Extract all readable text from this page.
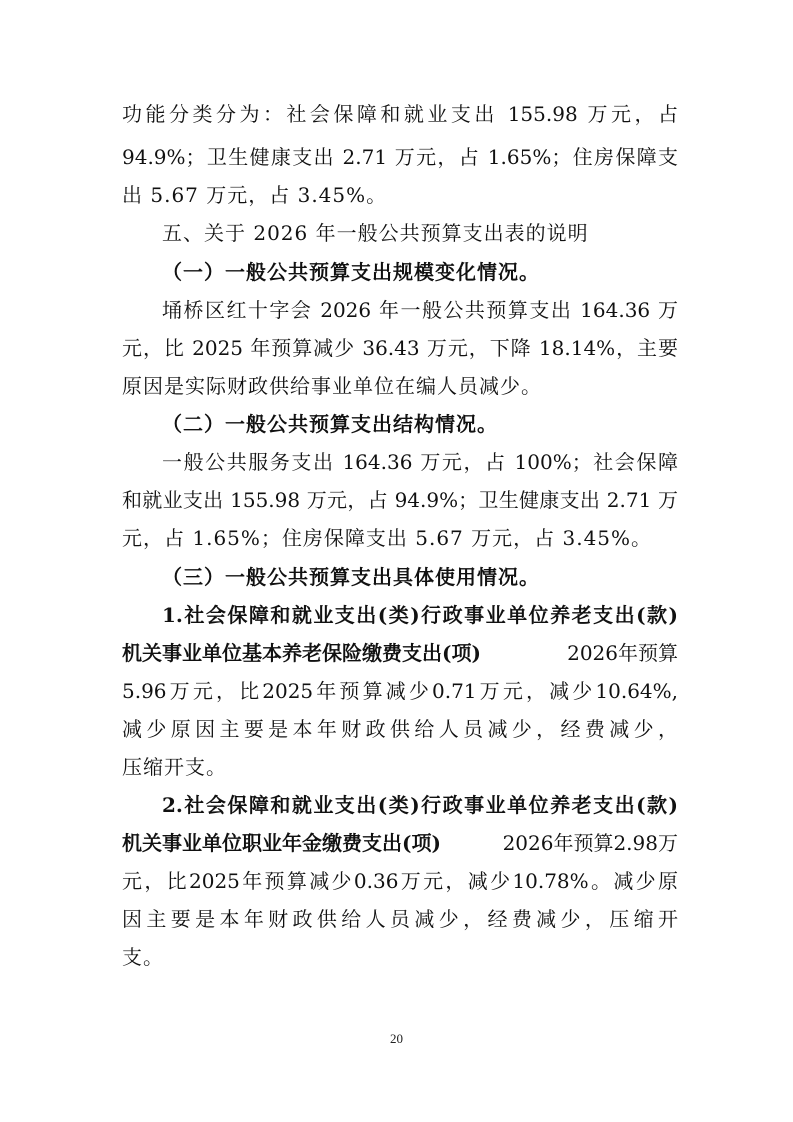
功能分类分为：社会保障和就业支出 155.98 万元，占
94.9%；卫生健康支出 2.71 万元，占 1.65%；住房保障支
出 5.67 万元，占 3.45%。
五、关于 2026 年一般公共预算支出表的说明
（一）一般公共预算支出规模变化情况。
埇桥区红十字会 2026 年一般公共预算支出 164.36 万
元，比 2025 年预算减少 36.43 万元，下降 18.14%，主要
原因是实际财政供给事业单位在编人员减少。
（二）一般公共预算支出结构情况。
一般公共服务支出 164.36 万元，占 100%；社会保障
和就业支出 155.98 万元，占 94.9%；卫生健康支出 2.71 万
元，占 1.65%；住房保障支出 5.67 万元，占 3.45%。
（三）一般公共预算支出具体使用情况。
1.社会保障和就业支出(类)行政事业单位养老支出(款)
机关事业单位基本养老保险缴费支出(项)	2026年预算
5.96万元，比2025年预算减少0.71万元，减少10.64%,
减少原因主要是本年财政供给人员减少，经费减少，
压缩开支。
2.社会保障和就业支出(类)行政事业单位养老支出(款)
机关事业单位职业年金缴费支出(项)	2026年预算2.98万
元，比2025年预算减少0.36万元，减少10.78%。减少原
因主要是本年财政供给人员减少，经费减少，压缩开
支。
20
